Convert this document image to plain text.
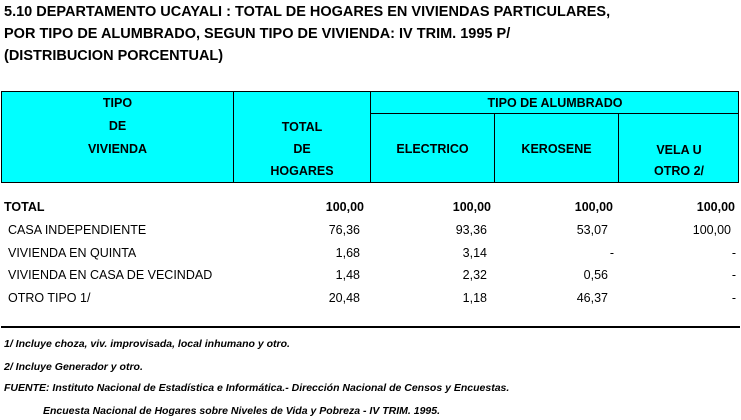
5.10 DEPARTAMENTO UCAYALI : TOTAL DE HOGARES EN VIVIENDAS PARTICULARES,
POR TIPO DE ALUMBRADO, SEGUN TIPO DE VIVIENDA: IV TRIM. 1995 P/
(DISTRIBUCION PORCENTUAL)
TIPO
DE
VIVIENDA
TOTAL
DE
HOGARES
TIPO DE ALUMBRADO
ELECTRICO	KEROSENE	VELA U
OTRO 2/
TOTAL	100,00	100,00	100,00	100,00
CASA INDEPENDIENTE	76,36	93,36	53,07	100,00
VIVIENDA EN QUINTA	1,68	3,14	-	-
VIVIENDA EN CASA DE VECINDAD	1,48	2,32	0,56	-
OTRO TIPO 1/	20,48	1,18	46,37	-
1/ Incluye choza, viv. improvisada, local inhumano y otro.
2/ Incluye Generador y otro.
FUENTE: Instituto Nacional de Estadística e Informática.- Dirección Nacional de Censos y Encuestas.
Encuesta Nacional de Hogares sobre Niveles de Vida y Pobreza - IV TRIM. 1995.
